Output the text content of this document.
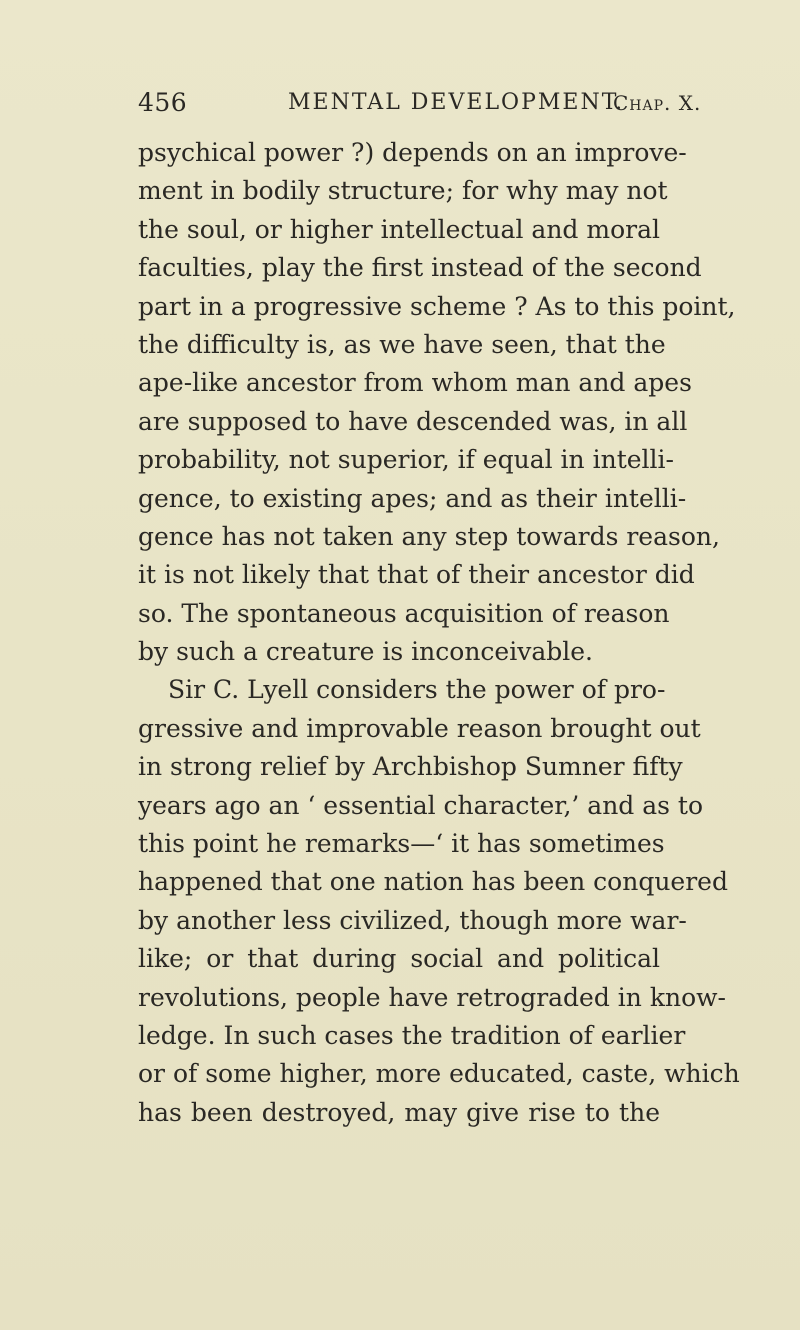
456	MENTAL DEVELOPMENT.
Chap. X.
psychical power ?) depends on an improve-
ment in bodily structure; for why may not
the soul, or higher intellectual and moral
faculties, play the first instead of the second
part in a progressive scheme ? As to this point,
the difficulty is, as we have seen, that the
ape-like ancestor from whom man and apes
are supposed to have descended was, in all
probability, not superior, if equal in intelli-
gence, to existing apes; and as their intelli-
gence has not taken any step towards reason,
it is not likely that that of their ancestor did
so. The spontaneous acquisition of reason
by such a creature is inconceivable.
Sir C. Lyell considers the power of pro-
gressive and improvable reason brought out
in strong relief by Archbishop Sumner fifty
years ago an ‘ essential character,’ and as to
this point he remarks—‘ it has sometimes
happened that one nation has been conquered
by another less civilized, though more war-
like; or that during social and political
revolutions, people have retrograded in know-
ledge. In such cases the tradition of earlier
or of some higher, more educated, caste, which
has been destroyed, may give rise to the
